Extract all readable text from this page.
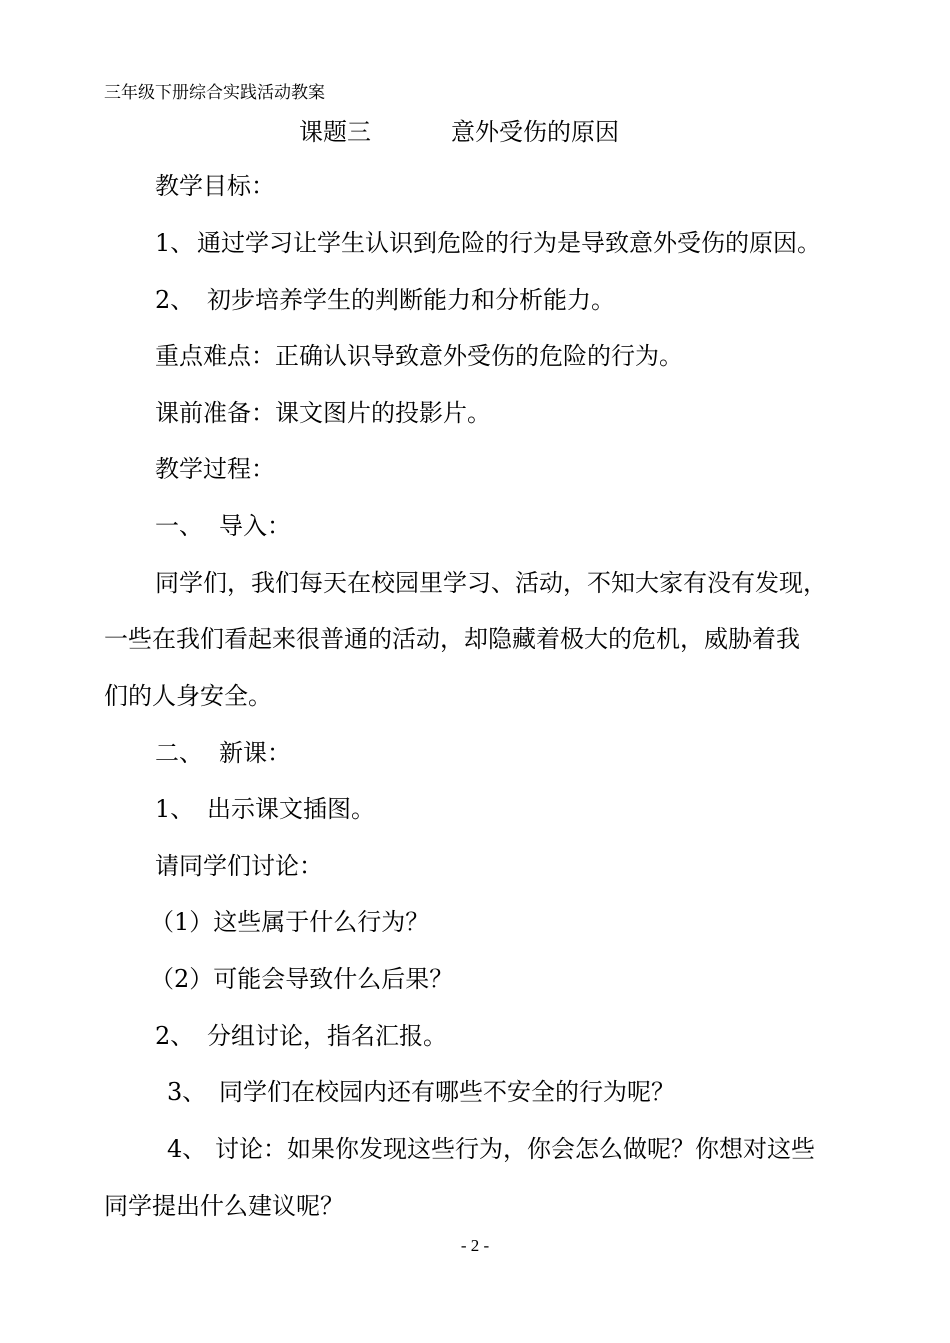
三年级下册综合实践活动教案
课题三	意外受伤的原因
教学目标：
1、 通过学习让学生认识到危险的行为是导致意外受伤的原因。
2、 初步培养学生的判断能力和分析能力。
重点难点：正确认识导致意外受伤的危险的行为。
课前准备：课文图片的投影片。
教学过程：
一、 导入：
同学们，我们每天在校园里学习、活动，不知大家有没有发现，
一些在我们看起来很普通的活动，却隐藏着极大的危机，威胁着我
们的人身安全。
二、 新课：
1、 出示课文插图。
请同学们讨论：
（1）这些属于什么行为？
（2）可能会导致什么后果？
2、 分组讨论，指名汇报。
3、 同学们在校园内还有哪些不安全的行为呢？
4、 讨论：如果你发现这些行为，你会怎么做呢？你想对这些
同学提出什么建议呢？
- 2 -
